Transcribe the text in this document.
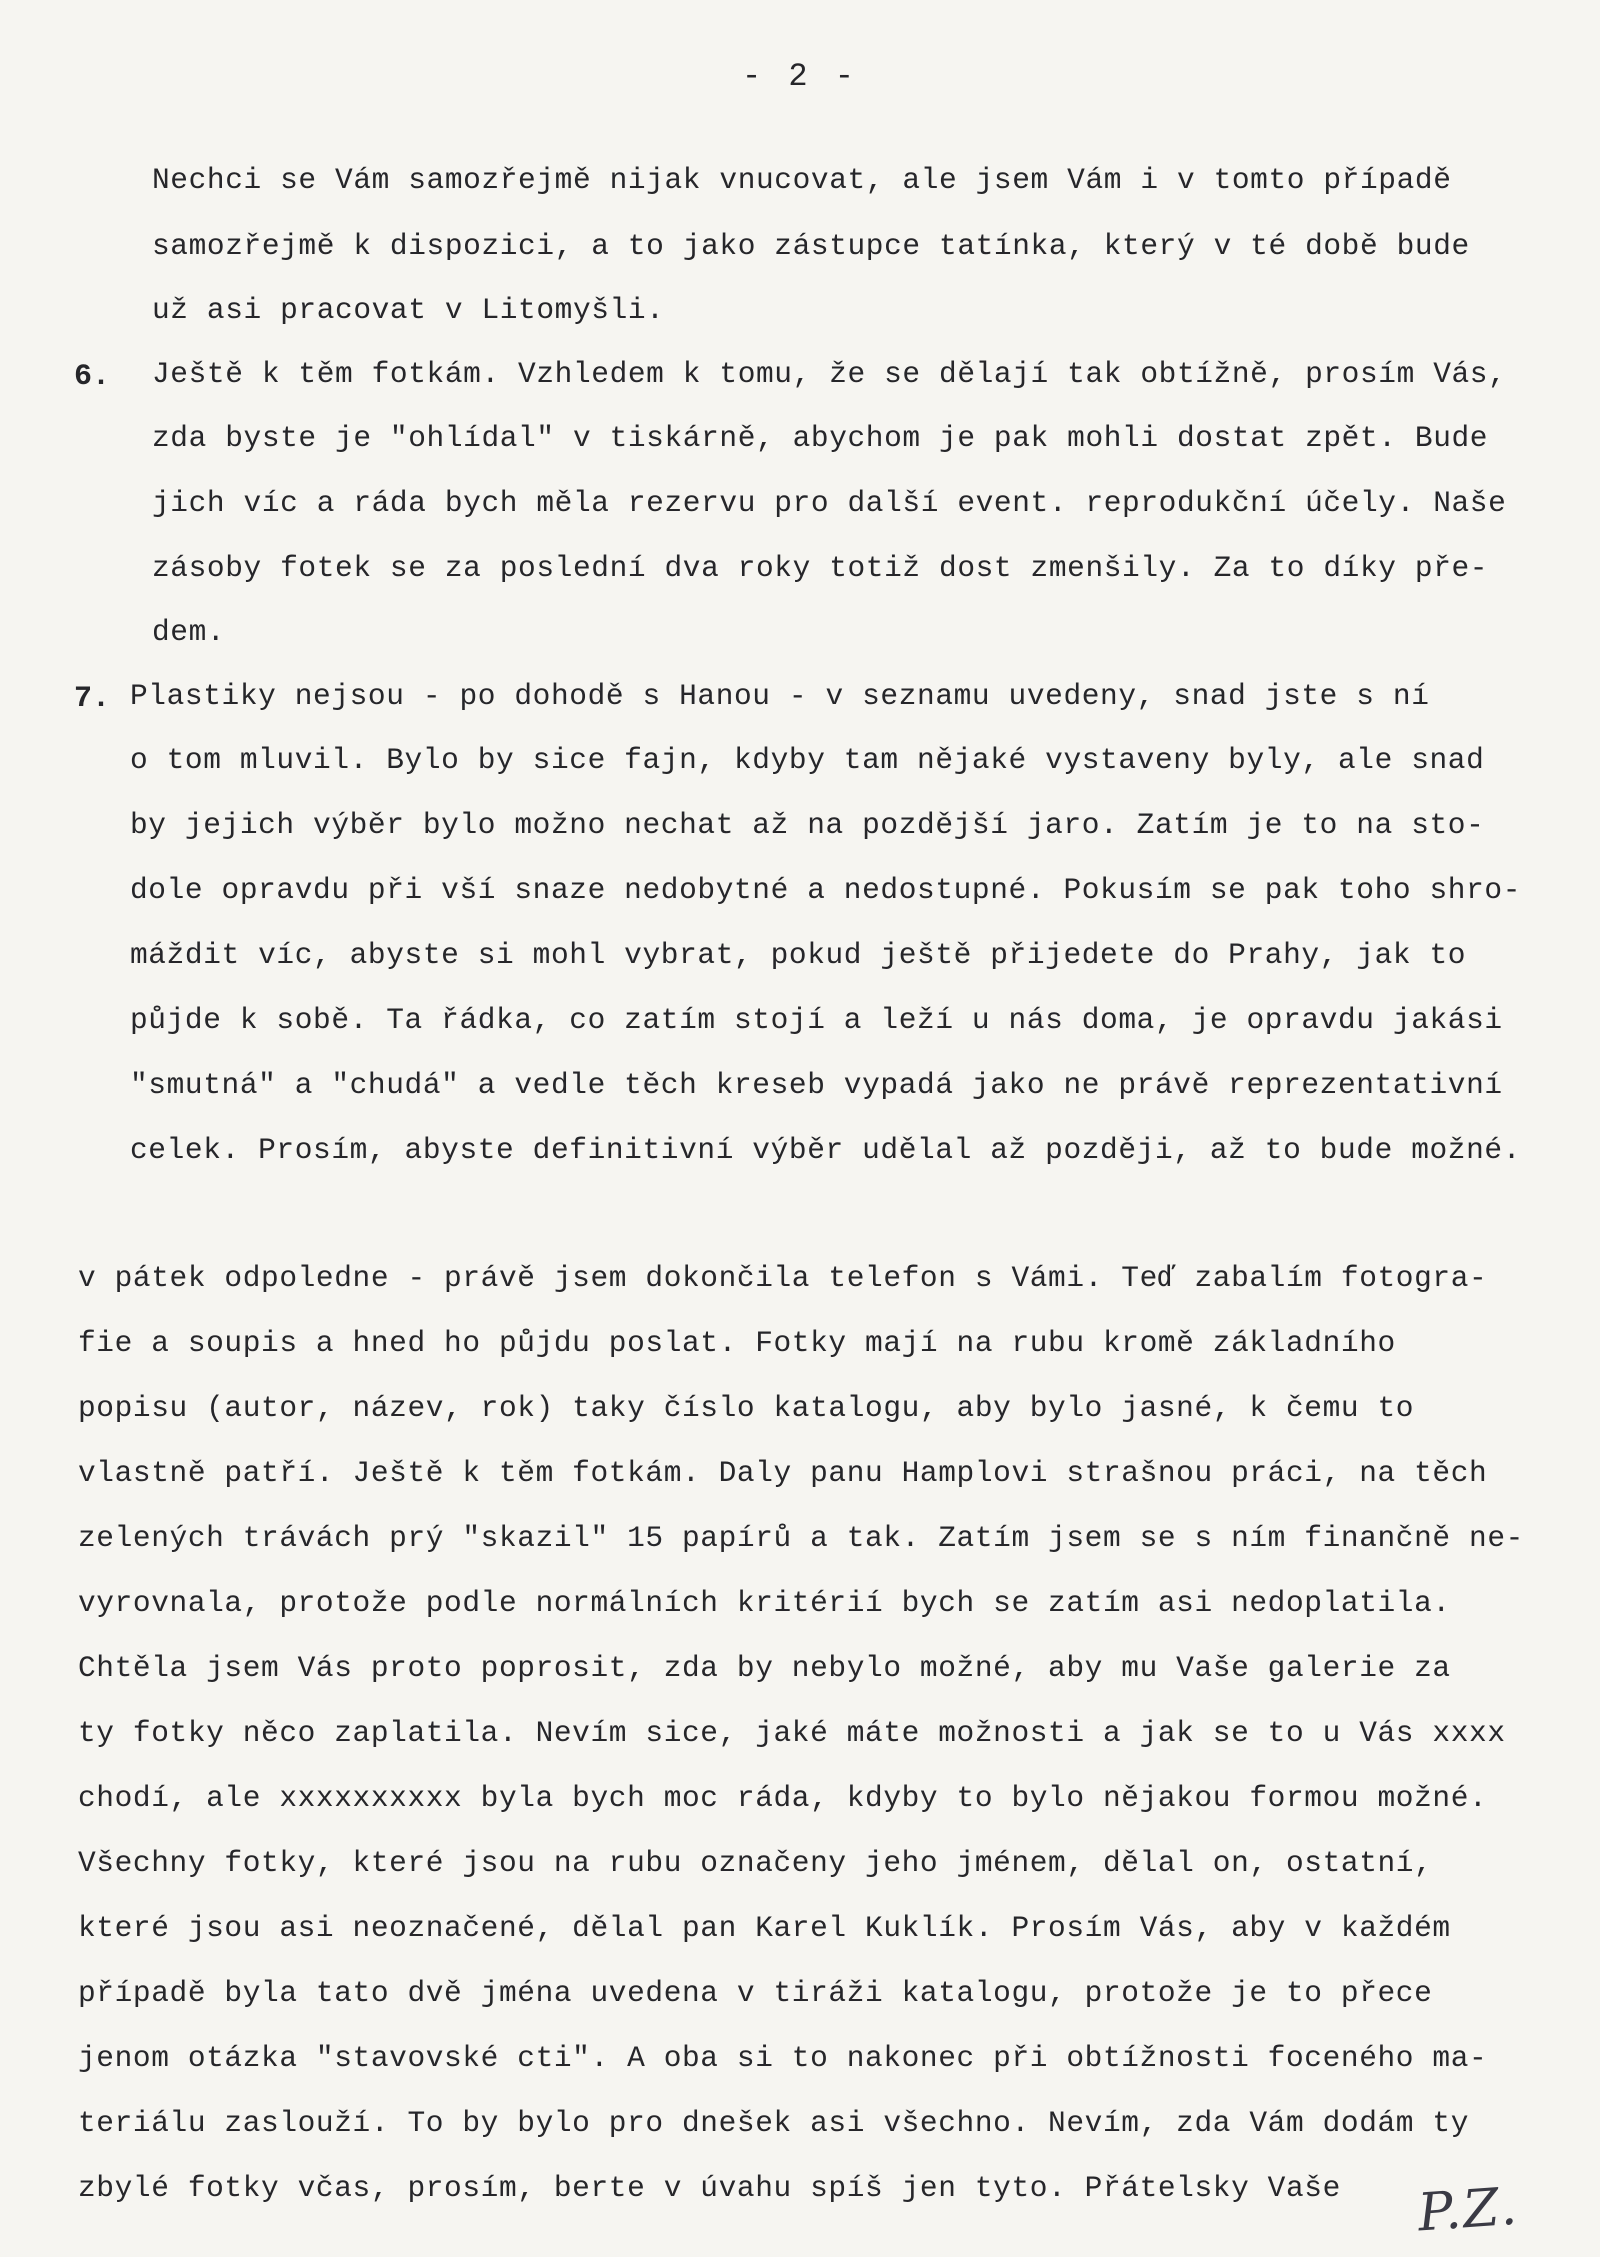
- 2 -
Nechci se Vám samozřejmě nijak vnucovat, ale jsem Vám i v tomto případě
samozřejmě k dispozici, a to jako zástupce tatínka, který v té době bude
už asi pracovat v Litomyšli.
6. Ještě k těm fotkám. Vzhledem k tomu, že se dělají tak obtížně, prosím Vás,
zda byste je "ohlídal" v tiskárně, abychom je pak mohli dostat zpět. Bude
jich víc a ráda bych měla rezervu pro další event. reprodukční účely. Naše
zásoby fotek se za poslední dva roky totiž dost zmenšily. Za to díky pře-
dem.
7. Plastiky nejsou - po dohodě s Hanou - v seznamu uvedeny, snad jste s ní
o tom mluvil. Bylo by sice fajn, kdyby tam nějaké vystaveny byly, ale snad
by jejich výběr bylo možno nechat až na pozdější jaro. Zatím je to na sto-
dole opravdu při vší snaze nedobytné a nedostupné. Pokusím se pak toho shro-
máždit víc, abyste si mohl vybrat, pokud ještě přijedete do Prahy, jak to
půjde k sobě. Ta řádka, co zatím stojí a leží u nás doma, je opravdu jakási
"smutná" a "chudá" a vedle těch kreseb vypadá jako ne právě reprezentativní
celek. Prosím, abyste definitivní výběr udělal až později, až to bude možné.
v pátek odpoledne - právě jsem dokončila telefon s Vámi. Teď zabalím fotogra-
fie a soupis a hned ho půjdu poslat. Fotky mají na rubu kromě základního
popisu (autor, název, rok) taky číslo katalogu, aby bylo jasné, k čemu to
vlastně patří. Ještě k těm fotkám. Daly panu Hamplovi strašnou práci, na těch
zelených trávách prý "skazil" 15 papírů a tak. Zatím jsem se s ním finančně ne-
vyrovnala, protože podle normálních kritérií bych se zatím asi nedoplatila.
Chtěla jsem Vás proto poprosit, zda by nebylo možné, aby mu Vaše galerie za
ty fotky něco zaplatila. Nevím sice, jaké máte možnosti a jak se to u Vás xxxx
chodí, ale xxxxxxxxxx byla bych moc ráda, kdyby to bylo nějakou formou možné.
Všechny fotky, které jsou na rubu označeny jeho jménem, dělal on, ostatní,
které jsou asi neoznačené, dělal pan Karel Kuklík. Prosím Vás, aby v každém
případě byla tato dvě jména uvedena v tiráži katalogu, protože je to přece
jenom otázka "stavovské cti". A oba si to nakonec při obtížnosti foceného ma-
teriálu zaslouží. To by bylo pro dnešek asi všechno. Nevím, zda Vám dodám ty
zbylé fotky včas, prosím, berte v úvahu spíš jen tyto. Přátelsky Vaše P.Z.
